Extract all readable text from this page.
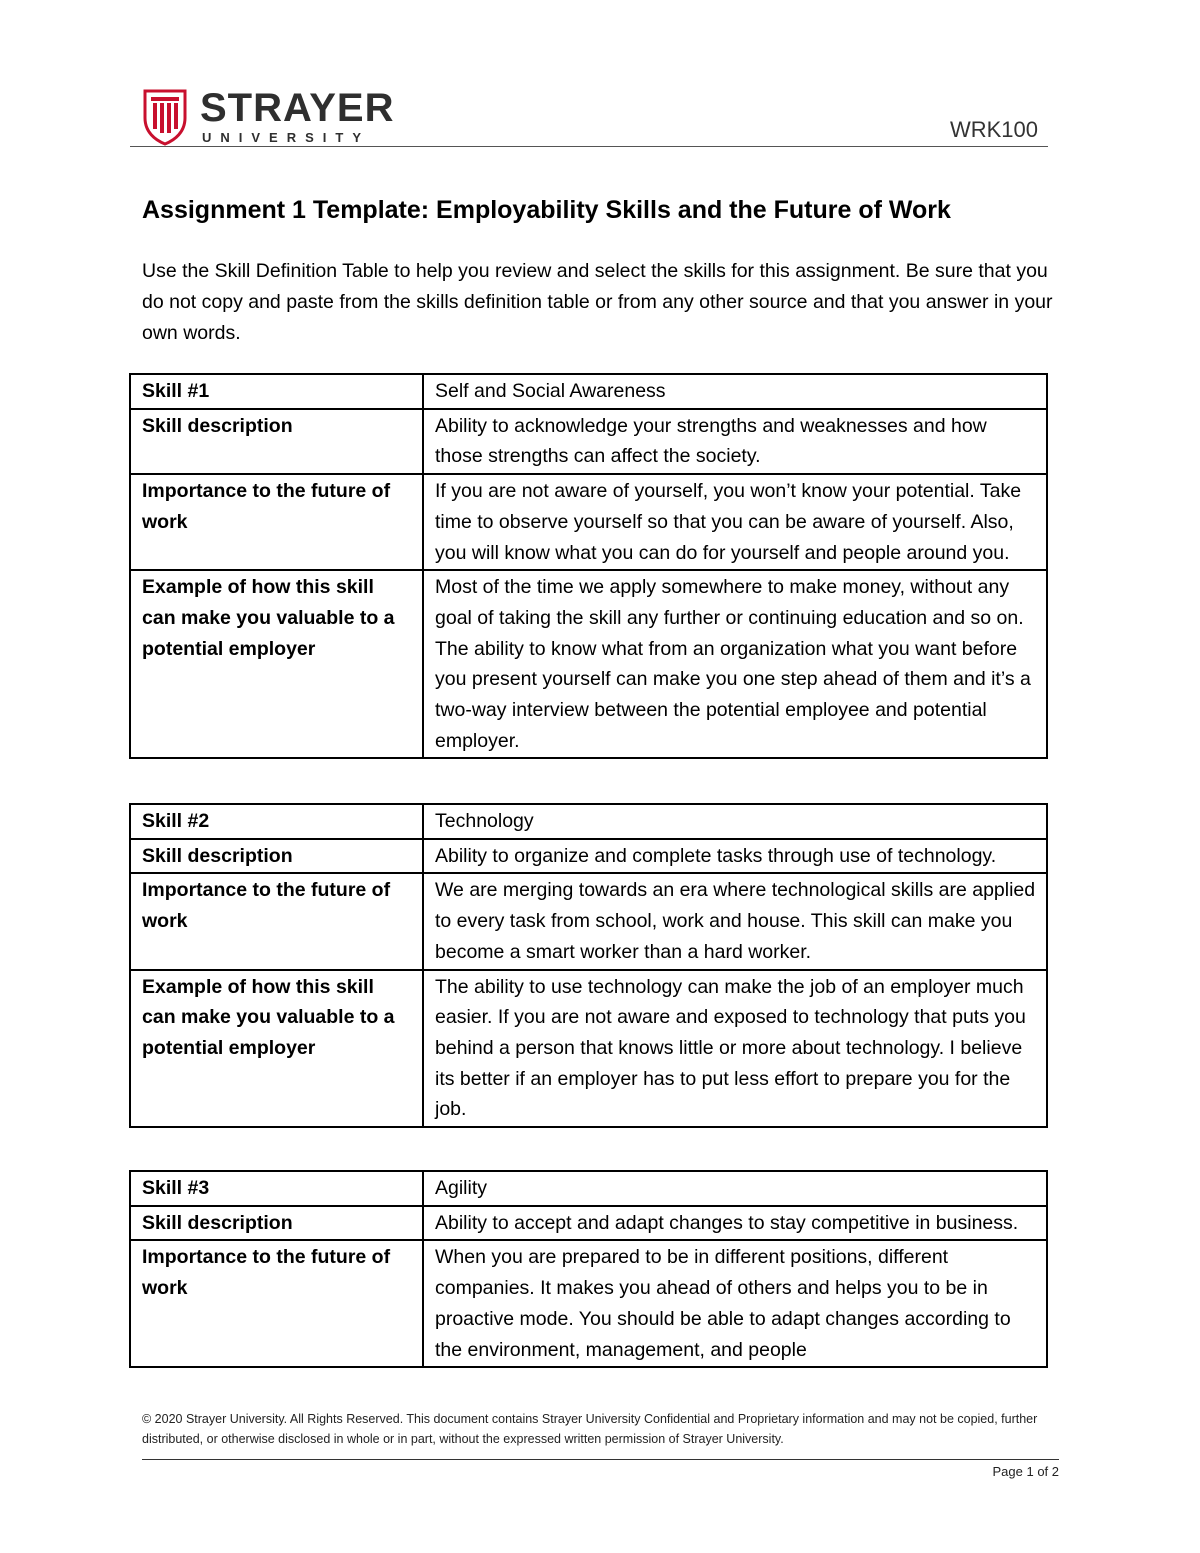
STRAYER
UNIVERSITY	WRK100
Assignment 1 Template: Employability Skills and the Future of Work

Use the Skill Definition Table to help you review and select the skills for this assignment. Be sure that you do not copy and paste from the skills definition table or from any other source and that you answer in your own words.

Skill #1	Self and Social Awareness
Skill description	Ability to acknowledge your strengths and weaknesses and how those strengths can affect the society.
Importance to the future of work	If you are not aware of yourself, you won’t know your potential. Take time to observe yourself so that you can be aware of yourself. Also, you will know what you can do for yourself and people around you.
Example of how this skill can make you valuable to a potential employer	Most of the time we apply somewhere to make money, without any goal of taking the skill any further or continuing education and so on. The ability to know what from an organization what you want before you present yourself can make you one step ahead of them and it’s a two-way interview between the potential employee and potential employer.
Skill #2	Technology
Skill description	Ability to organize and complete tasks through use of technology.
Importance to the future of work	We are merging towards an era where technological skills are applied to every task from school, work and house. This skill can make you become a smart worker than a hard worker.
Example of how this skill can make you valuable to a potential employer	The ability to use technology can make the job of an employer much easier. If you are not aware and exposed to technology that puts you behind a person that knows little or more about technology. I believe its better if an employer has to put less effort to prepare you for the job.
Skill #3	Agility
Skill description	Ability to accept and adapt changes to stay competitive in business.
Importance to the future of work	When you are prepared to be in different positions, different companies. It makes you ahead of others and helps you to be in proactive mode. You should be able to adapt changes according to the environment, management, and people

© 2020 Strayer University. All Rights Reserved. This document contains Strayer University Confidential and Proprietary information and may not be copied, further distributed, or otherwise disclosed in whole or in part, without the expressed written permission of Strayer University.

Page 1 of 2
